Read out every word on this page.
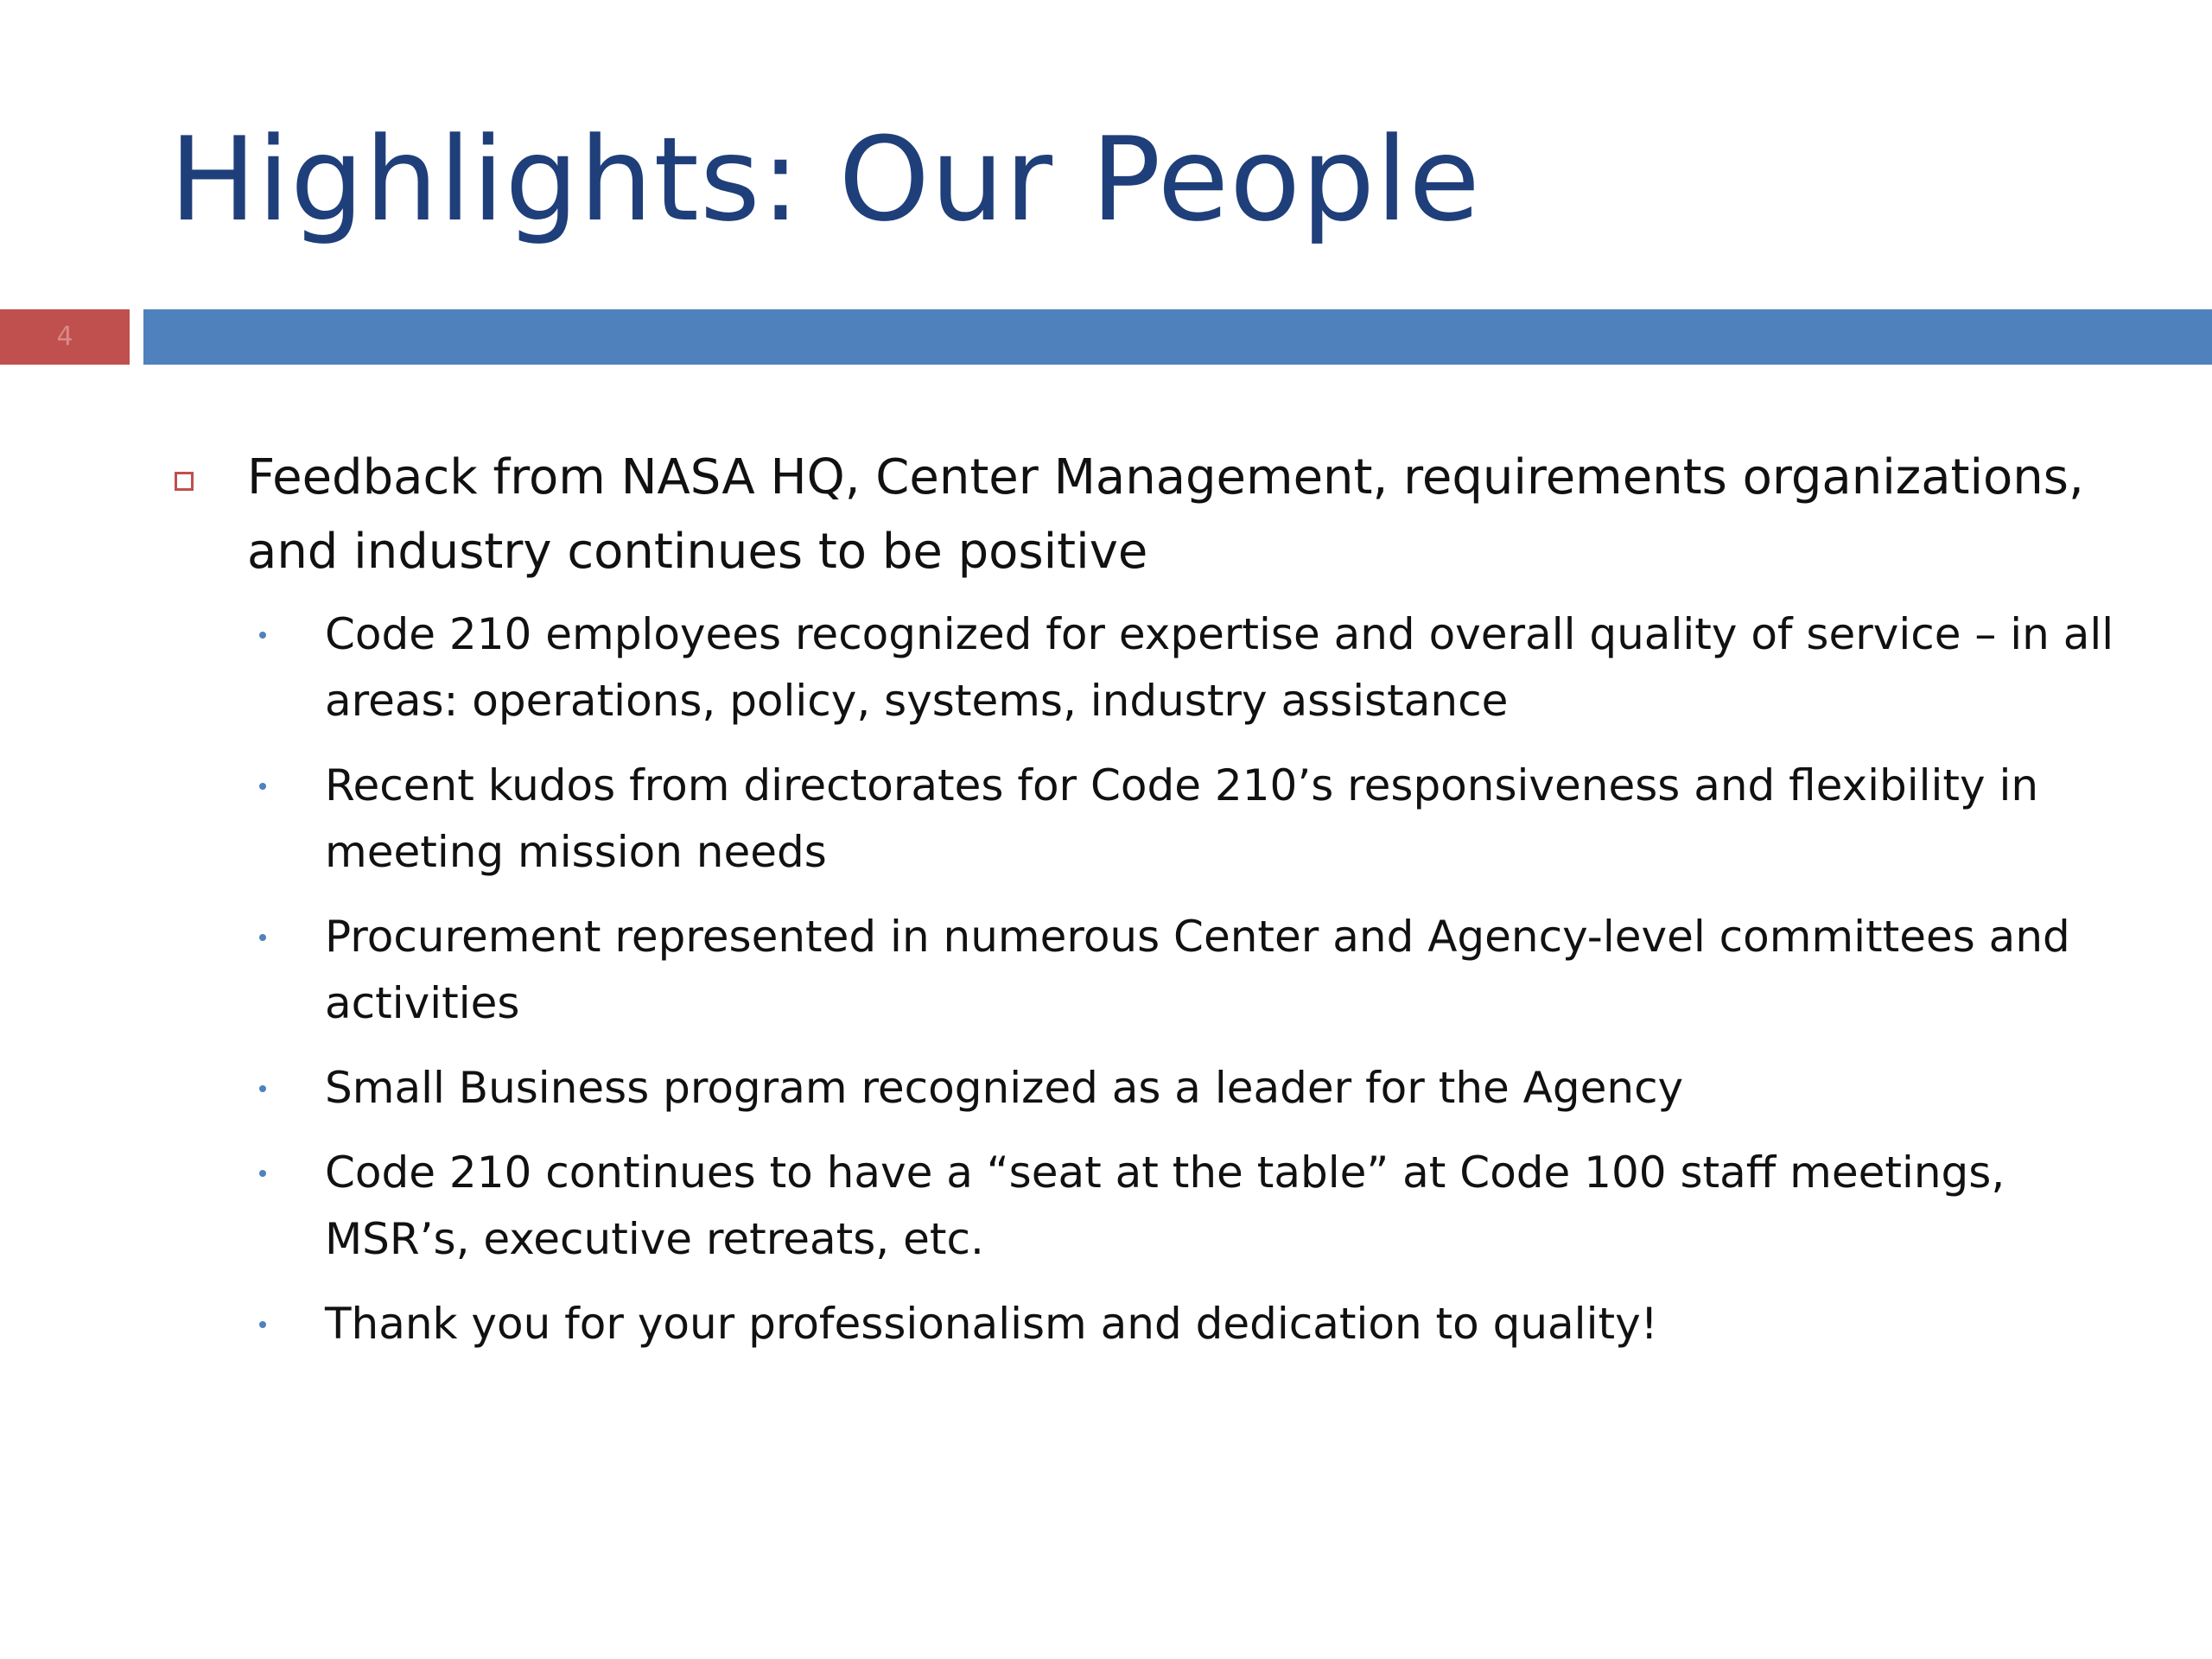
Highlights: Our People
4
Feedback from NASA HQ, Center Management, requirements organizations, and industry continues to be positive
Code 210 employees recognized for expertise and overall quality of service – in all areas: operations, policy, systems, industry assistance
Recent kudos from directorates for Code 210’s responsiveness and flexibility in meeting mission needs
Procurement represented in numerous Center and Agency-level committees and activities
Small Business program recognized as a leader for the Agency
Code 210 continues to have a “seat at the table” at Code 100 staff meetings, MSR’s, executive retreats, etc.
Thank you for your professionalism and dedication to quality!
